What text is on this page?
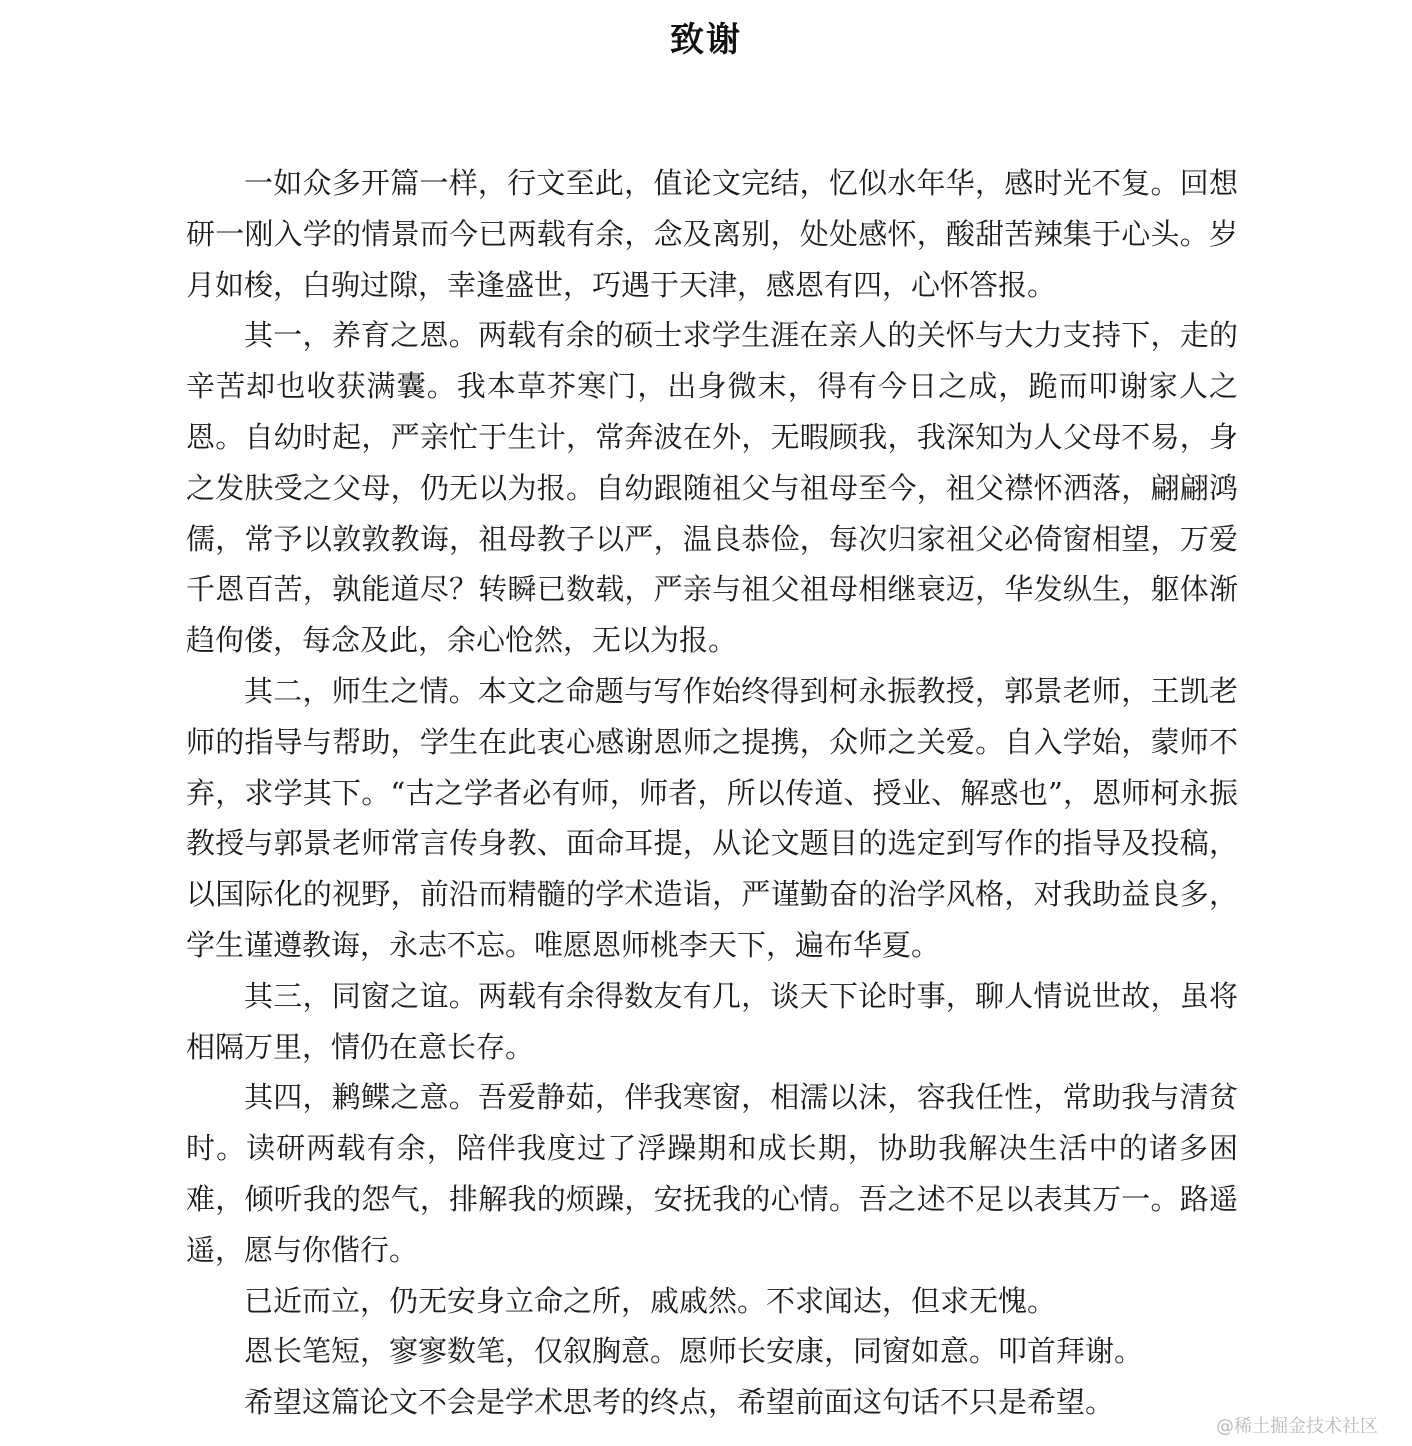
致谢

一如众多开篇一样，行文至此，值论文完结，忆似水年华，感时光不复。回想研一刚入学的情景而今已两载有余，念及离别，处处感怀，酸甜苦辣集于心头。岁月如梭，白驹过隙，幸逢盛世，巧遇于天津，感恩有四，心怀答报。

其一，养育之恩。两载有余的硕士求学生涯在亲人的关怀与大力支持下，走的辛苦却也收获满囊。我本草芥寒门，出身微末，得有今日之成，跪而叩谢家人之恩。自幼时起，严亲忙于生计，常奔波在外，无暇顾我，我深知为人父母不易，身之发肤受之父母，仍无以为报。自幼跟随祖父与祖母至今，祖父襟怀洒落，翩翩鸿儒，常予以敦敦教诲，祖母教子以严，温良恭俭，每次归家祖父必倚窗相望，万爱千恩百苦，孰能道尽？转瞬已数载，严亲与祖父祖母相继衰迈，华发纵生，躯体渐趋佝偻，每念及此，余心怆然，无以为报。

其二，师生之情。本文之命题与写作始终得到柯永振教授，郭景老师，王凯老师的指导与帮助，学生在此衷心感谢恩师之提携，众师之关爱。自入学始，蒙师不弃，求学其下。“古之学者必有师，师者，所以传道、授业、解惑也”，恩师柯永振教授与郭景老师常言传身教、面命耳提，从论文题目的选定到写作的指导及投稿，以国际化的视野，前沿而精髓的学术造诣，严谨勤奋的治学风格，对我助益良多，学生谨遵教诲，永志不忘。唯愿恩师桃李天下，遍布华夏。

其三，同窗之谊。两载有余得数友有几，谈天下论时事，聊人情说世故，虽将相隔万里，情仍在意长存。

其四，鹣鲽之意。吾爱静茹，伴我寒窗，相濡以沫，容我任性，常助我与清贫时。读研两载有余，陪伴我度过了浮躁期和成长期，协助我解决生活中的诸多困难，倾听我的怨气，排解我的烦躁，安抚我的心情。吾之述不足以表其万一。路遥遥，愿与你偕行。

已近而立，仍无安身立命之所，戚戚然。不求闻达，但求无愧。

恩长笔短，寥寥数笔，仅叙胸意。愿师长安康，同窗如意。叩首拜谢。

希望这篇论文不会是学术思考的终点，希望前面这句话不只是希望。

@稀土掘金技术社区
